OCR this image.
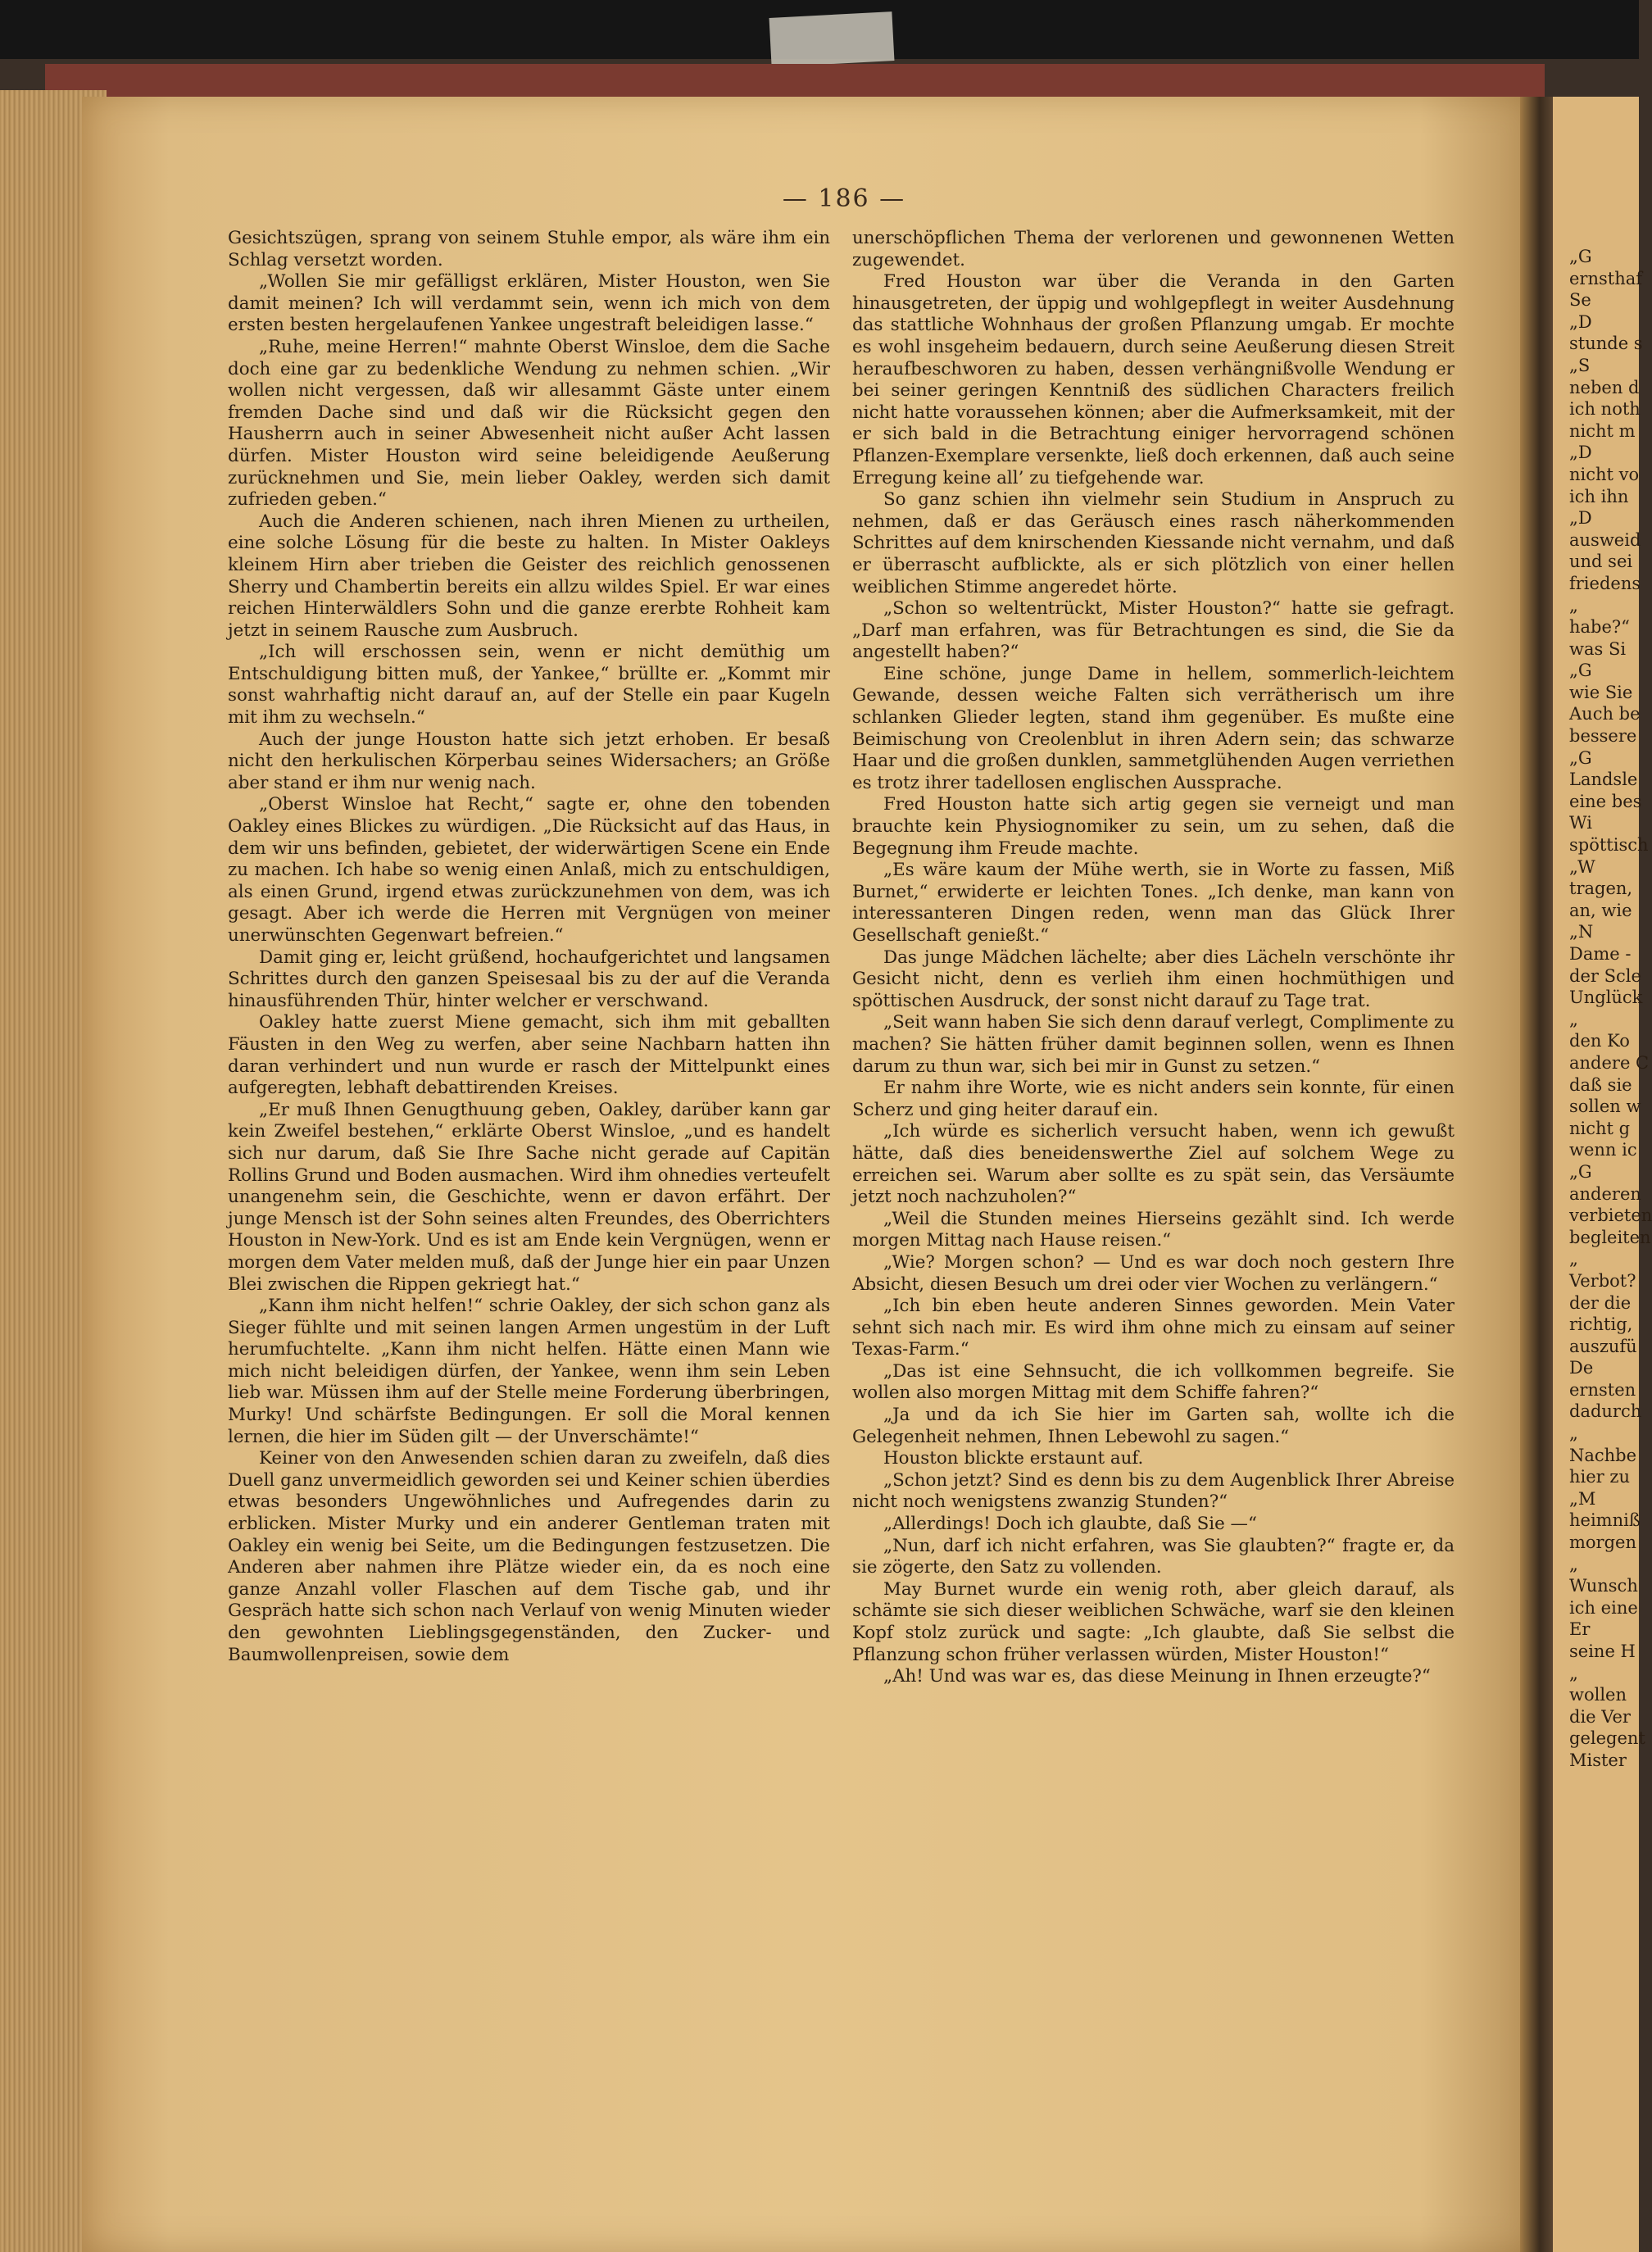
— 186 —

Gesichtszügen, sprang von seinem Stuhle empor, als wäre ihm ein Schlag versetzt worden.

„Wollen Sie mir gefälligst erklären, Mister Houston, wen Sie damit meinen? Ich will verdammt sein, wenn ich mich von dem ersten besten hergelaufenen Yankee ungestraft beleidigen lasse.“

„Ruhe, meine Herren!“ mahnte Oberst Winsloe, dem die Sache doch eine gar zu bedenkliche Wendung zu nehmen schien. „Wir wollen nicht vergessen, daß wir allesammt Gäste unter einem fremden Dache sind und daß wir die Rücksicht gegen den Hausherrn auch in seiner Abwesenheit nicht außer Acht lassen dürfen. Mister Houston wird seine beleidigende Aeußerung zurücknehmen und Sie, mein lieber Oakley, werden sich damit zufrieden geben.“

Auch die Anderen schienen, nach ihren Mienen zu urtheilen, eine solche Lösung für die beste zu halten. In Mister Oakleys kleinem Hirn aber trieben die Geister des reichlich genossenen Sherry und Chambertin bereits ein allzu wildes Spiel. Er war eines reichen Hinterwäldlers Sohn und die ganze ererbte Rohheit kam jetzt in seinem Rausche zum Ausbruch.

„Ich will erschossen sein, wenn er nicht demüthig um Entschuldigung bitten muß, der Yankee,“ brüllte er. „Kommt mir sonst wahrhaftig nicht darauf an, auf der Stelle ein paar Kugeln mit ihm zu wechseln.“

Auch der junge Houston hatte sich jetzt erhoben. Er besaß nicht den herkulischen Körperbau seines Widersachers; an Größe aber stand er ihm nur wenig nach.

„Oberst Winsloe hat Recht,“ sagte er, ohne den tobenden Oakley eines Blickes zu würdigen. „Die Rücksicht auf das Haus, in dem wir uns befinden, gebietet, der widerwärtigen Scene ein Ende zu machen. Ich habe so wenig einen Anlaß, mich zu entschuldigen, als einen Grund, irgend etwas zurückzunehmen von dem, was ich gesagt. Aber ich werde die Herren mit Vergnügen von meiner unerwünschten Gegenwart befreien.“

Damit ging er, leicht grüßend, hochaufgerichtet und langsamen Schrittes durch den ganzen Speisesaal bis zu der auf die Veranda hinausführenden Thür, hinter welcher er verschwand.

Oakley hatte zuerst Miene gemacht, sich ihm mit geballten Fäusten in den Weg zu werfen, aber seine Nachbarn hatten ihn daran verhindert und nun wurde er rasch der Mittelpunkt eines aufgeregten, lebhaft debattirenden Kreises.

„Er muß Ihnen Genugthuung geben, Oakley, darüber kann gar kein Zweifel bestehen,“ erklärte Oberst Winsloe, „und es handelt sich nur darum, daß Sie Ihre Sache nicht gerade auf Capitän Rollins Grund und Boden ausmachen. Wird ihm ohnedies verteufelt unangenehm sein, die Geschichte, wenn er davon erfährt. Der junge Mensch ist der Sohn seines alten Freundes, des Oberrichters Houston in New-York. Und es ist am Ende kein Vergnügen, wenn er morgen dem Vater melden muß, daß der Junge hier ein paar Unzen Blei zwischen die Rippen gekriegt hat.“

„Kann ihm nicht helfen!“ schrie Oakley, der sich schon ganz als Sieger fühlte und mit seinen langen Armen ungestüm in der Luft herumfuchtelte. „Kann ihm nicht helfen. Hätte einen Mann wie mich nicht beleidigen dürfen, der Yankee, wenn ihm sein Leben lieb war. Müssen ihm auf der Stelle meine Forderung überbringen, Murky! Und schärfste Bedingungen. Er soll die Moral kennen lernen, die hier im Süden gilt — der Unverschämte!“

Keiner von den Anwesenden schien daran zu zweifeln, daß dies Duell ganz unvermeidlich geworden sei und Keiner schien überdies etwas besonders Ungewöhnliches und Aufregendes darin zu erblicken. Mister Murky und ein anderer Gentleman traten mit Oakley ein wenig bei Seite, um die Bedingungen festzusetzen. Die Anderen aber nahmen ihre Plätze wieder ein, da es noch eine ganze Anzahl voller Flaschen auf dem Tische gab, und ihr Gespräch hatte sich schon nach Verlauf von wenig Minuten wieder den gewohnten Lieblingsgegenständen, den Zucker- und Baumwollenpreisen, sowie dem

unerschöpflichen Thema der verlorenen und gewonnenen Wetten zugewendet.

Fred Houston war über die Veranda in den Garten hinausgetreten, der üppig und wohlgepflegt in weiter Ausdehnung das stattliche Wohnhaus der großen Pflanzung umgab. Er mochte es wohl insgeheim bedauern, durch seine Aeußerung diesen Streit heraufbeschworen zu haben, dessen verhängnißvolle Wendung er bei seiner geringen Kenntniß des südlichen Characters freilich nicht hatte voraussehen können; aber die Aufmerksamkeit, mit der er sich bald in die Betrachtung einiger hervorragend schönen Pflanzen-Exemplare versenkte, ließ doch erkennen, daß auch seine Erregung keine all’ zu tiefgehende war.

So ganz schien ihn vielmehr sein Studium in Anspruch zu nehmen, daß er das Geräusch eines rasch näherkommenden Schrittes auf dem knirschenden Kiessande nicht vernahm, und daß er überrascht aufblickte, als er sich plötzlich von einer hellen weiblichen Stimme angeredet hörte.

„Schon so weltentrückt, Mister Houston?“ hatte sie gefragt. „Darf man erfahren, was für Betrachtungen es sind, die Sie da angestellt haben?“

Eine schöne, junge Dame in hellem, sommerlich-leichtem Gewande, dessen weiche Falten sich verrätherisch um ihre schlanken Glieder legten, stand ihm gegenüber. Es mußte eine Beimischung von Creolenblut in ihren Adern sein; das schwarze Haar und die großen dunklen, sammetglühenden Augen verriethen es trotz ihrer tadellosen englischen Aussprache.

Fred Houston hatte sich artig gegen sie verneigt und man brauchte kein Physiognomiker zu sein, um zu sehen, daß die Begegnung ihm Freude machte.

„Es wäre kaum der Mühe werth, sie in Worte zu fassen, Miß Burnet,“ erwiderte er leichten Tones. „Ich denke, man kann von interessanteren Dingen reden, wenn man das Glück Ihrer Gesellschaft genießt.“

Das junge Mädchen lächelte; aber dies Lächeln verschönte ihr Gesicht nicht, denn es verlieh ihm einen hochmüthigen und spöttischen Ausdruck, der sonst nicht darauf zu Tage trat.

„Seit wann haben Sie sich denn darauf verlegt, Complimente zu machen? Sie hätten früher damit beginnen sollen, wenn es Ihnen darum zu thun war, sich bei mir in Gunst zu setzen.“

Er nahm ihre Worte, wie es nicht anders sein konnte, für einen Scherz und ging heiter darauf ein.

„Ich würde es sicherlich versucht haben, wenn ich gewußt hätte, daß dies beneidenswerthe Ziel auf solchem Wege zu erreichen sei. Warum aber sollte es zu spät sein, das Versäumte jetzt noch nachzuholen?“

„Weil die Stunden meines Hierseins gezählt sind. Ich werde morgen Mittag nach Hause reisen.“

„Wie? Morgen schon? — Und es war doch noch gestern Ihre Absicht, diesen Besuch um drei oder vier Wochen zu verlängern.“

„Ich bin eben heute anderen Sinnes geworden. Mein Vater sehnt sich nach mir. Es wird ihm ohne mich zu einsam auf seiner Texas-Farm.“

„Das ist eine Sehnsucht, die ich vollkommen begreife. Sie wollen also morgen Mittag mit dem Schiffe fahren?“

„Ja und da ich Sie hier im Garten sah, wollte ich die Gelegenheit nehmen, Ihnen Lebewohl zu sagen.“

Houston blickte erstaunt auf.

„Schon jetzt? Sind es denn bis zu dem Augenblick Ihrer Abreise nicht noch wenigstens zwanzig Stunden?“

„Allerdings! Doch ich glaubte, daß Sie —“

„Nun, darf ich nicht erfahren, was Sie glaubten?“ fragte er, da sie zögerte, den Satz zu vollenden.

May Burnet wurde ein wenig roth, aber gleich darauf, als schämte sie sich dieser weiblichen Schwäche, warf sie den kleinen Kopf stolz zurück und sagte: „Ich glaubte, daß Sie selbst die Pflanzung schon früher verlassen würden, Mister Houston!“

„Ah! Und was war es, das diese Meinung in Ihnen erzeugte?“

„G
ernsthaf
Se
„D
stunde s
„S
neben d
ich noth
nicht m
„D
nicht vo
ich ihn
„D
ausweid
und sei
friedens
„
habe?“
was Si
„G
wie Sie
Auch be
bessere
„G
Landsle
eine bes
Wi
spöttisch
„W
tragen,
an, wie
„N
Dame -
der Scle
Unglück
„
den Ko
andere C
daß sie
sollen w
nicht g
wenn ic
„G
anderen
verbieten
begleiten
„
Verbot?
der die
richtig,
auszufü
De
ernsten
dadurch
„
Nachbe
hier zu
„M
heimniß
morgen
„
Wunsch
ich eine
Er
seine H
„
wollen
die Ver
gelegent
Mister
